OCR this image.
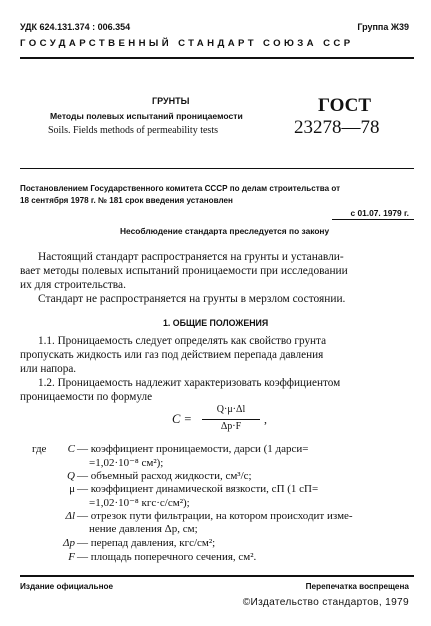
УДК 624.131.374 : 006.354	Группа Ж39
ГОСУДАРСТВЕННЫЙ СТАНДАРТ СОЮЗА ССР
ГРУНТЫ
Методы полевых испытаний проницаемости
Soils. Fields methods of permeability tests
ГОСТ
23278—78
Постановлением Государственного комитета СССР по делам строительства от
18 сентября 1978 г. № 181 срок введения установлен
с 01.07. 1979 г.
Несоблюдение стандарта преследуется по закону
Настоящий стандарт распространяется на грунты и устанавли-
вает методы полевых испытаний проницаемости при исследовании
их для строительства.
Стандарт не распространяется на грунты в мерзлом состоянии.
1. ОБЩИЕ ПОЛОЖЕНИЯ
1.1. Проницаемость следует определять как свойство грунта
пропускать жидкость или газ под действием перепада давления
или напора.
1.2. Проницаемость надлежит характеризовать коэффициентом
проницаемости по формуле
C =
Q·μ·Δl
Δp·F
,
где	C — коэффициент проницаемости, дарси (1 дарси=
=1,02·10⁻⁸ см²);
Q — объемный расход жидкости, см³/с;
μ — коэффициент динамической вязкости, сП (1 сП=
=1,02·10⁻⁸ кгс·с/см²);
Δl — отрезок пути фильтрации, на котором происходит изме-
нение давления Δp, см;
Δp — перепад давления, кгс/см²;
F — площадь поперечного сечения, см².
Издание официальное	Перепечатка воспрещена
©Издательство стандартов, 1979
